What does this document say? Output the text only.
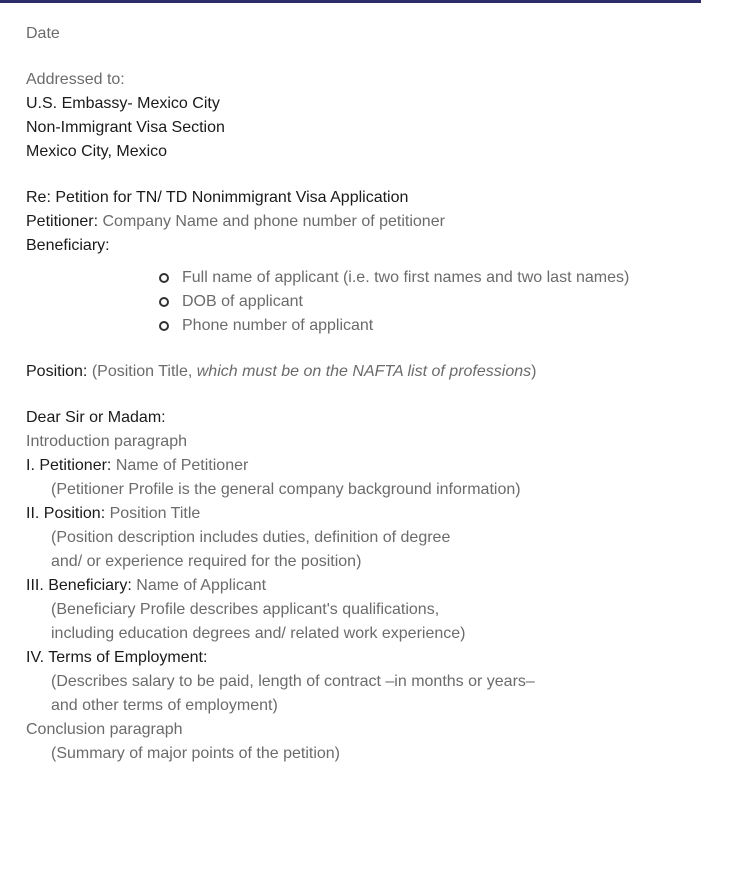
Date
Addressed to:
U.S. Embassy- Mexico City
Non-Immigrant Visa Section
Mexico City, Mexico
Re: Petition for TN/ TD Nonimmigrant Visa Application
Petitioner: Company Name and phone number of petitioner
Beneficiary:
Full name of applicant (i.e. two first names and two last names)
DOB of applicant
Phone number of applicant
Position: (Position Title, which must be on the NAFTA list of professions)
Dear Sir or Madam:
Introduction paragraph
I. Petitioner: Name of Petitioner
(Petitioner Profile is the general company background information)
II. Position: Position Title
(Position description includes duties, definition of degree
and/ or experience required for the position)
III. Beneficiary: Name of Applicant
(Beneficiary Profile describes applicant's qualifications,
including education degrees and/ related work experience)
IV. Terms of Employment:
(Describes salary to be paid, length of contract –in months or years–
and other terms of employment)
Conclusion paragraph
(Summary of major points of the petition)
